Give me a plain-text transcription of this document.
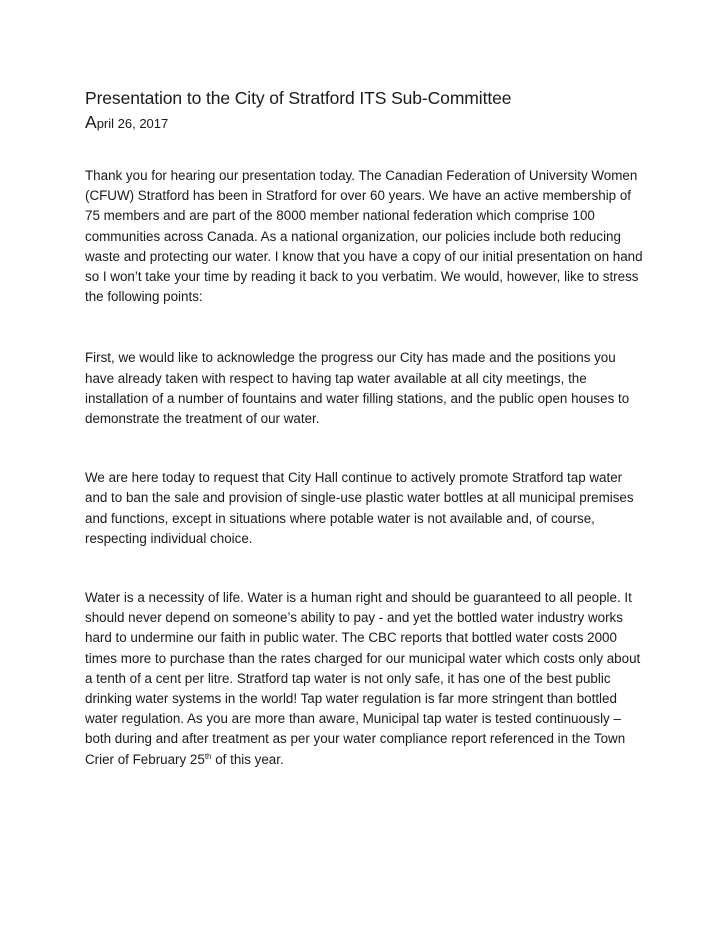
Presentation to the City of Stratford ITS Sub-Committee

April 26, 2017

Thank you for hearing our presentation today. The Canadian Federation of University Women (CFUW) Stratford has been in Stratford for over 60 years. We have an active membership of 75 members and are part of the 8000 member national federation which comprise 100 communities across Canada. As a national organization, our policies include both reducing waste and protecting our water. I know that you have a copy of our initial presentation on hand so I won’t take your time by reading it back to you verbatim. We would, however, like to stress the following points:

First, we would like to acknowledge the progress our City has made and the positions you have already taken with respect to having tap water available at all city meetings, the installation of a number of fountains and water filling stations, and the public open houses to demonstrate the treatment of our water.

We are here today to request that City Hall continue to actively promote Stratford tap water and to ban the sale and provision of single-use plastic water bottles at all municipal premises and functions, except in situations where potable water is not available and, of course, respecting individual choice.

Water is a necessity of life. Water is a human right and should be guaranteed to all people. It should never depend on someone’s ability to pay - and yet the bottled water industry works hard to undermine our faith in public water. The CBC reports that bottled water costs 2000 times more to purchase than the rates charged for our municipal water which costs only about a tenth of a cent per litre. Stratford tap water is not only safe, it has one of the best public drinking water systems in the world! Tap water regulation is far more stringent than bottled water regulation. As you are more than aware, Municipal tap water is tested continuously – both during and after treatment as per your water compliance report referenced in the Town Crier of February 25th of this year.
